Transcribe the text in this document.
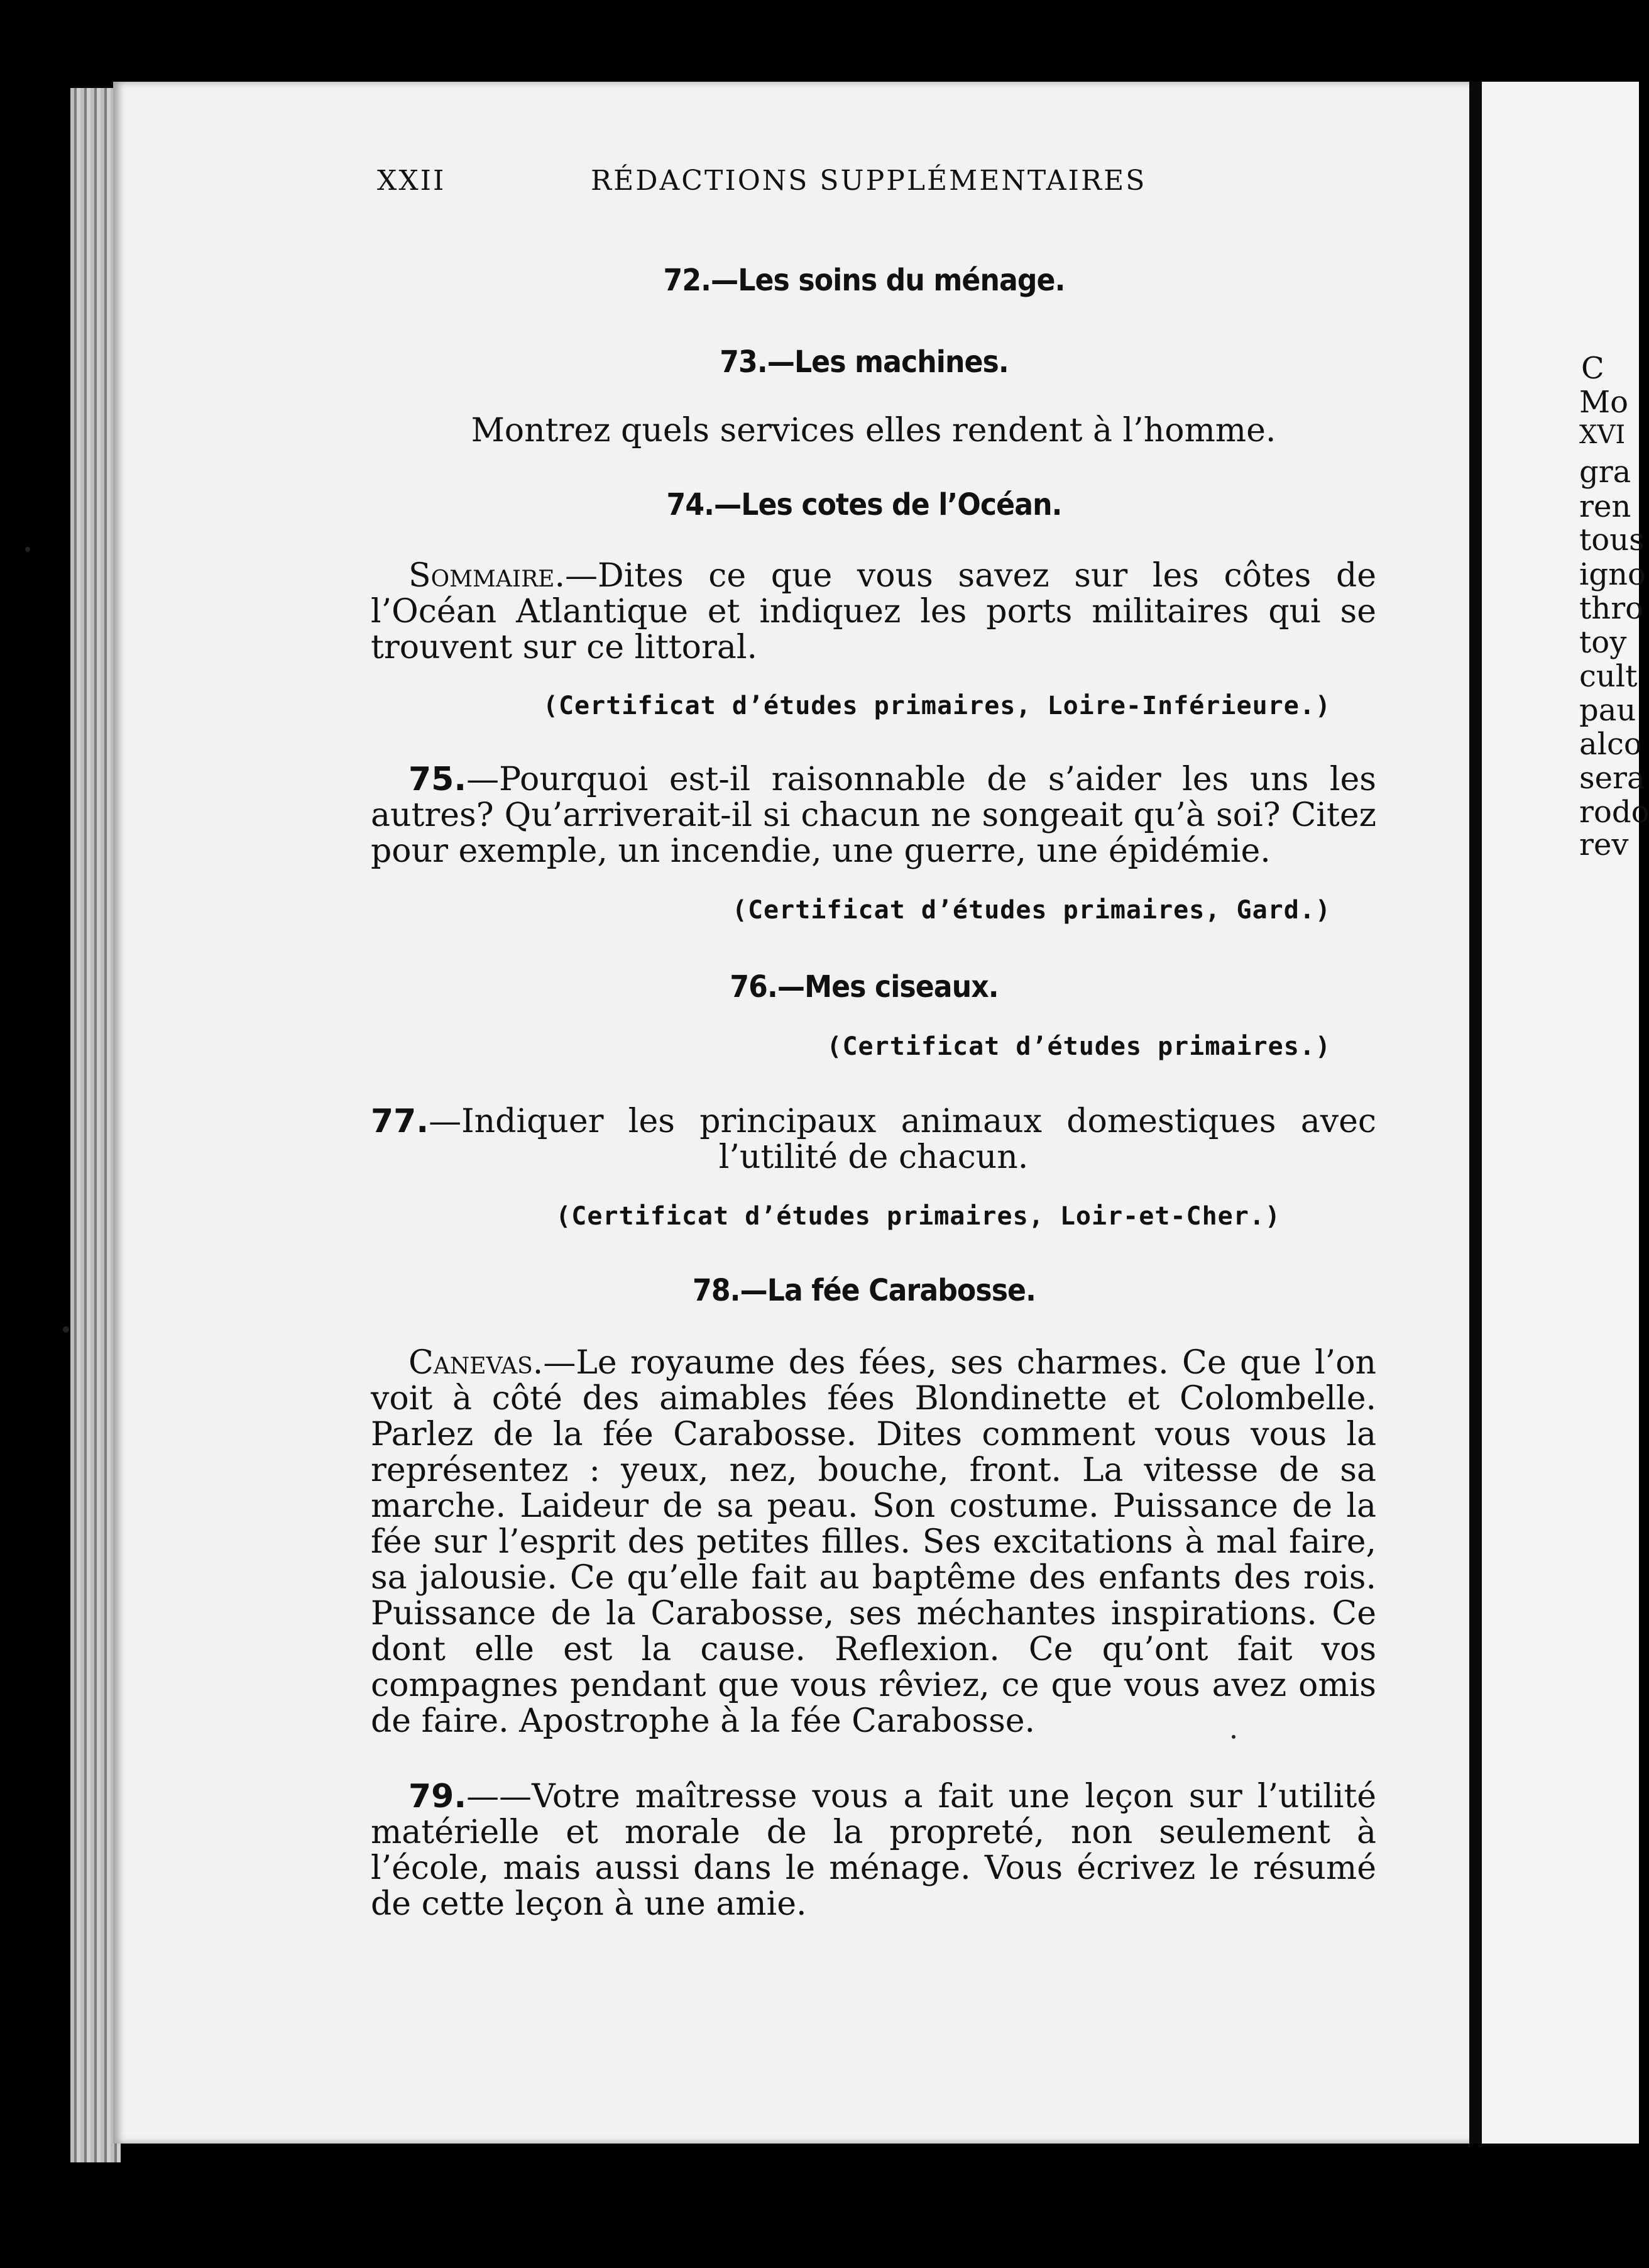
C
Mo
XVI
gra
ren
tous
igno
thro
toy
cult
pau
alco
sera
rodo
rev
XXII	RÉDACTIONS SUPPLÉMENTAIRES
72.—Les soins du ménage.
73.—Les machines.
Montrez quels services elles rendent à l’homme.
74.—Les cotes de l’Océan.
Sommaire.—Dites ce que vous savez sur les côtes de l’Océan Atlantique et indiquez les ports militaires qui se trouvent sur ce littoral.
(Certificat d’études primaires, Loire-Inférieure.)
75.—Pourquoi est-il raisonnable de s’aider les uns les autres? Qu’arriverait-il si chacun ne songeait qu’à soi? Citez pour exemple, un incendie, une guerre, une épidémie.
(Certificat d’études primaires, Gard.)
76.—Mes ciseaux.
(Certificat d’études primaires.)
77.—Indiquer les principaux animaux domestiques avec
l’utilité de chacun.
(Certificat d’études primaires, Loir-et-Cher.)
78.—La fée Carabosse.
Canevas.—Le royaume des fées, ses charmes. Ce que l’on voit à côté des aimables fées Blondinette et Colombelle. Parlez de la fée Carabosse. Dites comment vous vous la représentez : yeux, nez, bouche, front. La vitesse de sa marche. Laideur de sa peau. Son costume. Puissance de la fée sur l’esprit des petites filles. Ses excitations à mal faire, sa jalousie. Ce qu’elle fait au baptême des enfants des rois. Puissance de la Carabosse, ses méchantes inspirations. Ce dont elle est la cause. Reflexion. Ce qu’ont fait vos compagnes pendant que vous rêviez, ce que vous avez omis de faire. Apostrophe à la fée Carabosse.
79.——Votre maîtresse vous a fait une leçon sur l’utilité matérielle et morale de la propreté, non seulement à l’école, mais aussi dans le ménage. Vous écrivez le résumé de cette leçon à une amie.
